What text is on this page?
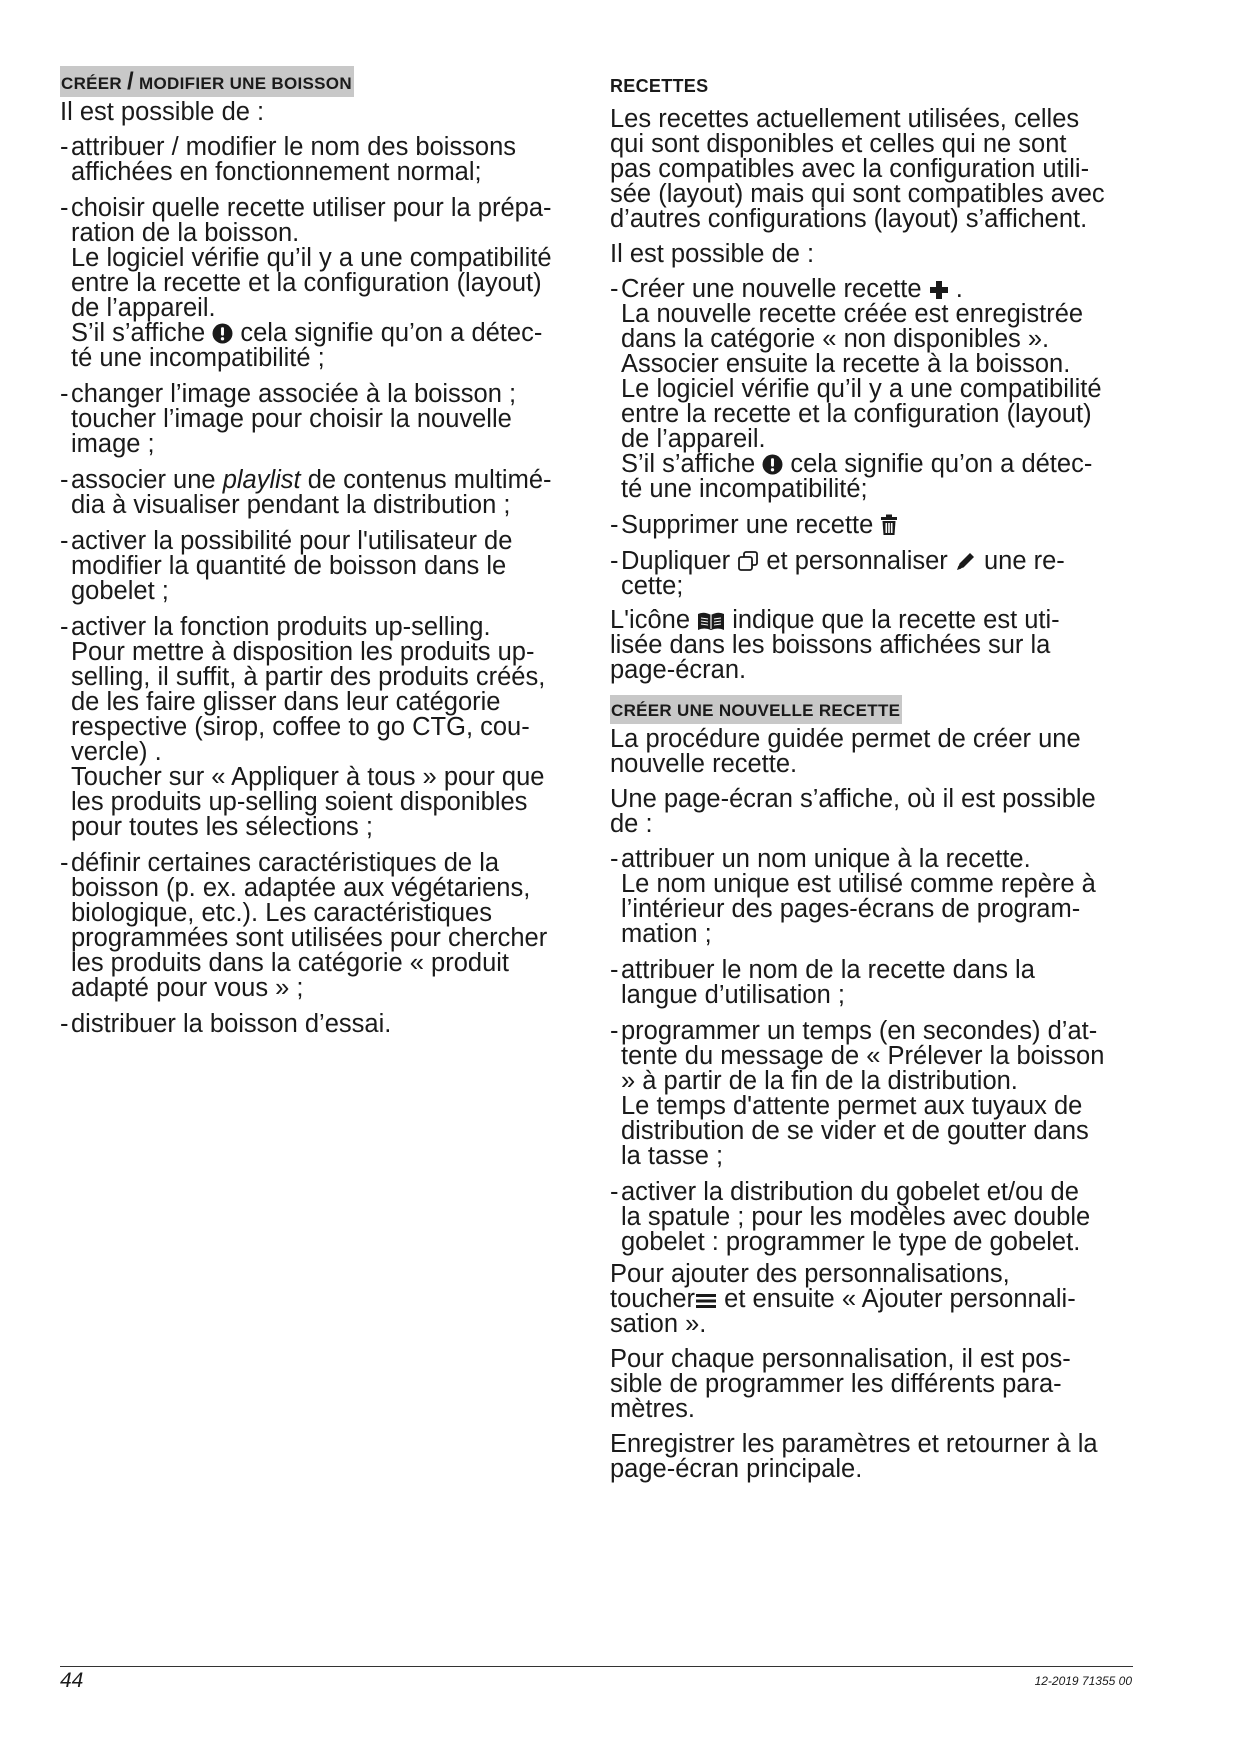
CRÉER / MODIFIER UNE BOISSON

Il est possible de :

- attribuer / modifier le nom des boissons
affichées en fonctionnement normal;
- choisir quelle recette utiliser pour la prépa-
ration de la boisson.
Le logiciel vérifie qu’il y a une compatibilité
entre la recette et la configuration (layout)
de l’appareil.
S’il s’affiche cela signifie qu’on a détec-
té une incompatibilité ;
- changer l’image associée à la boisson ;
toucher l’image pour choisir la nouvelle
image ;
- associer une playlist de contenus multimé-
dia à visualiser pendant la distribution ;
- activer la possibilité pour l'utilisateur de
modifier la quantité de boisson dans le
gobelet ;
- activer la fonction produits up-selling.
Pour mettre à disposition les produits up-
selling, il suffit, à partir des produits créés,
de les faire glisser dans leur catégorie
respective (sirop, coffee to go CTG, cou-
vercle) .
Toucher sur « Appliquer à tous » pour que
les produits up-selling soient disponibles
pour toutes les sélections ;
- définir certaines caractéristiques de la
boisson (p. ex. adaptée aux végétariens,
biologique, etc.). Les caractéristiques
programmées sont utilisées pour chercher
les produits dans la catégorie « produit
adapté pour vous » ;
- distribuer la boisson d’essai.
RECETTES

Les recettes actuellement utilisées, celles
qui sont disponibles et celles qui ne sont
pas compatibles avec la configuration utili-
sée (layout) mais qui sont compatibles avec
d’autres configurations (layout) s’affichent.

Il est possible de :

- Créer une nouvelle recette .
La nouvelle recette créée est enregistrée
dans la catégorie « non disponibles ».
Associer ensuite la recette à la boisson.
Le logiciel vérifie qu’il y a une compatibilité
entre la recette et la configuration (layout)
de l’appareil.
S’il s’affiche cela signifie qu’on a détec-
té une incompatibilité;
- Supprimer une recette
- Dupliquer et personnaliser une re-
cette;

L'icône indique que la recette est uti-
lisée dans les boissons affichées sur la
page-écran.

CRÉER UNE NOUVELLE RECETTE

La procédure guidée permet de créer une
nouvelle recette.

Une page-écran s’affiche, où il est possible
de :

- attribuer un nom unique à la recette.
Le nom unique est utilisé comme repère à
l’intérieur des pages-écrans de program-
mation ;
- attribuer le nom de la recette dans la
langue d’utilisation ;
- programmer un temps (en secondes) d’at-
tente du message de « Prélever la boisson
» à partir de la fin de la distribution.
Le temps d'attente permet aux tuyaux de
distribution de se vider et de goutter dans
la tasse ;
- activer la distribution du gobelet et/ou de
la spatule ; pour les modèles avec double
gobelet : programmer le type de gobelet.

Pour ajouter des personnalisations,
toucher et ensuite « Ajouter personnali-
sation ».

Pour chaque personnalisation, il est pos-
sible de programmer les différents para-
mètres.

Enregistrer les paramètres et retourner à la
page-écran principale.

44	12-2019 71355 00
